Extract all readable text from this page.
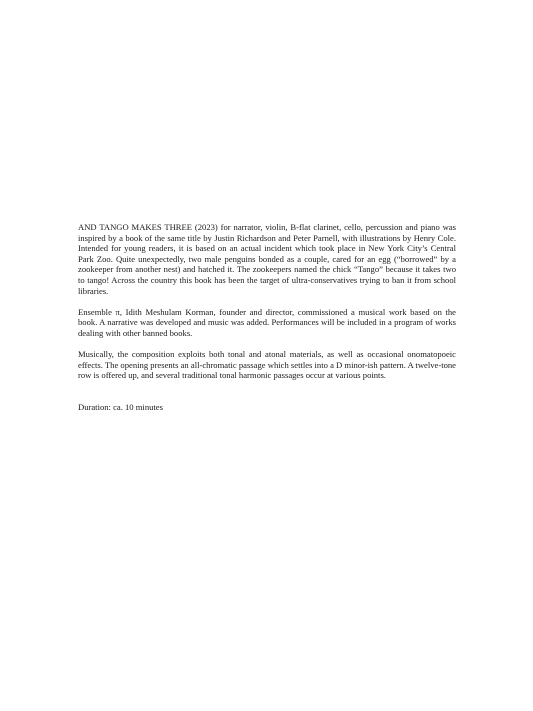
AND TANGO MAKES THREE (2023) for narrator, violin, B-flat clarinet, cello, percussion and piano was inspired by a book of the same title by Justin Richardson and Peter Parnell, with illustrations by Henry Cole. Intended for young readers, it is based on an actual incident which took place in New York City’s Central Park Zoo. Quite unexpectedly, two male penguins bonded as a couple, cared for an egg (“borrowed” by a zookeeper from another nest) and hatched it. The zookeepers named the chick “Tango” because it takes two to tango! Across the country this book has been the target of ultra-conservatives trying to ban it from school libraries.

Ensemble π, Idith Meshulam Korman, founder and director, commissioned a musical work based on the book. A narrative was developed and music was added. Performances will be included in a program of works dealing with other banned books.

Musically, the composition exploits both tonal and atonal materials, as well as occasional onomatopoeic effects. The opening presents an all-chromatic passage which settles into a D minor-ish pattern. A twelve-tone row is offered up, and several traditional tonal harmonic passages occur at various points.

Duration: ca. 10 minutes
